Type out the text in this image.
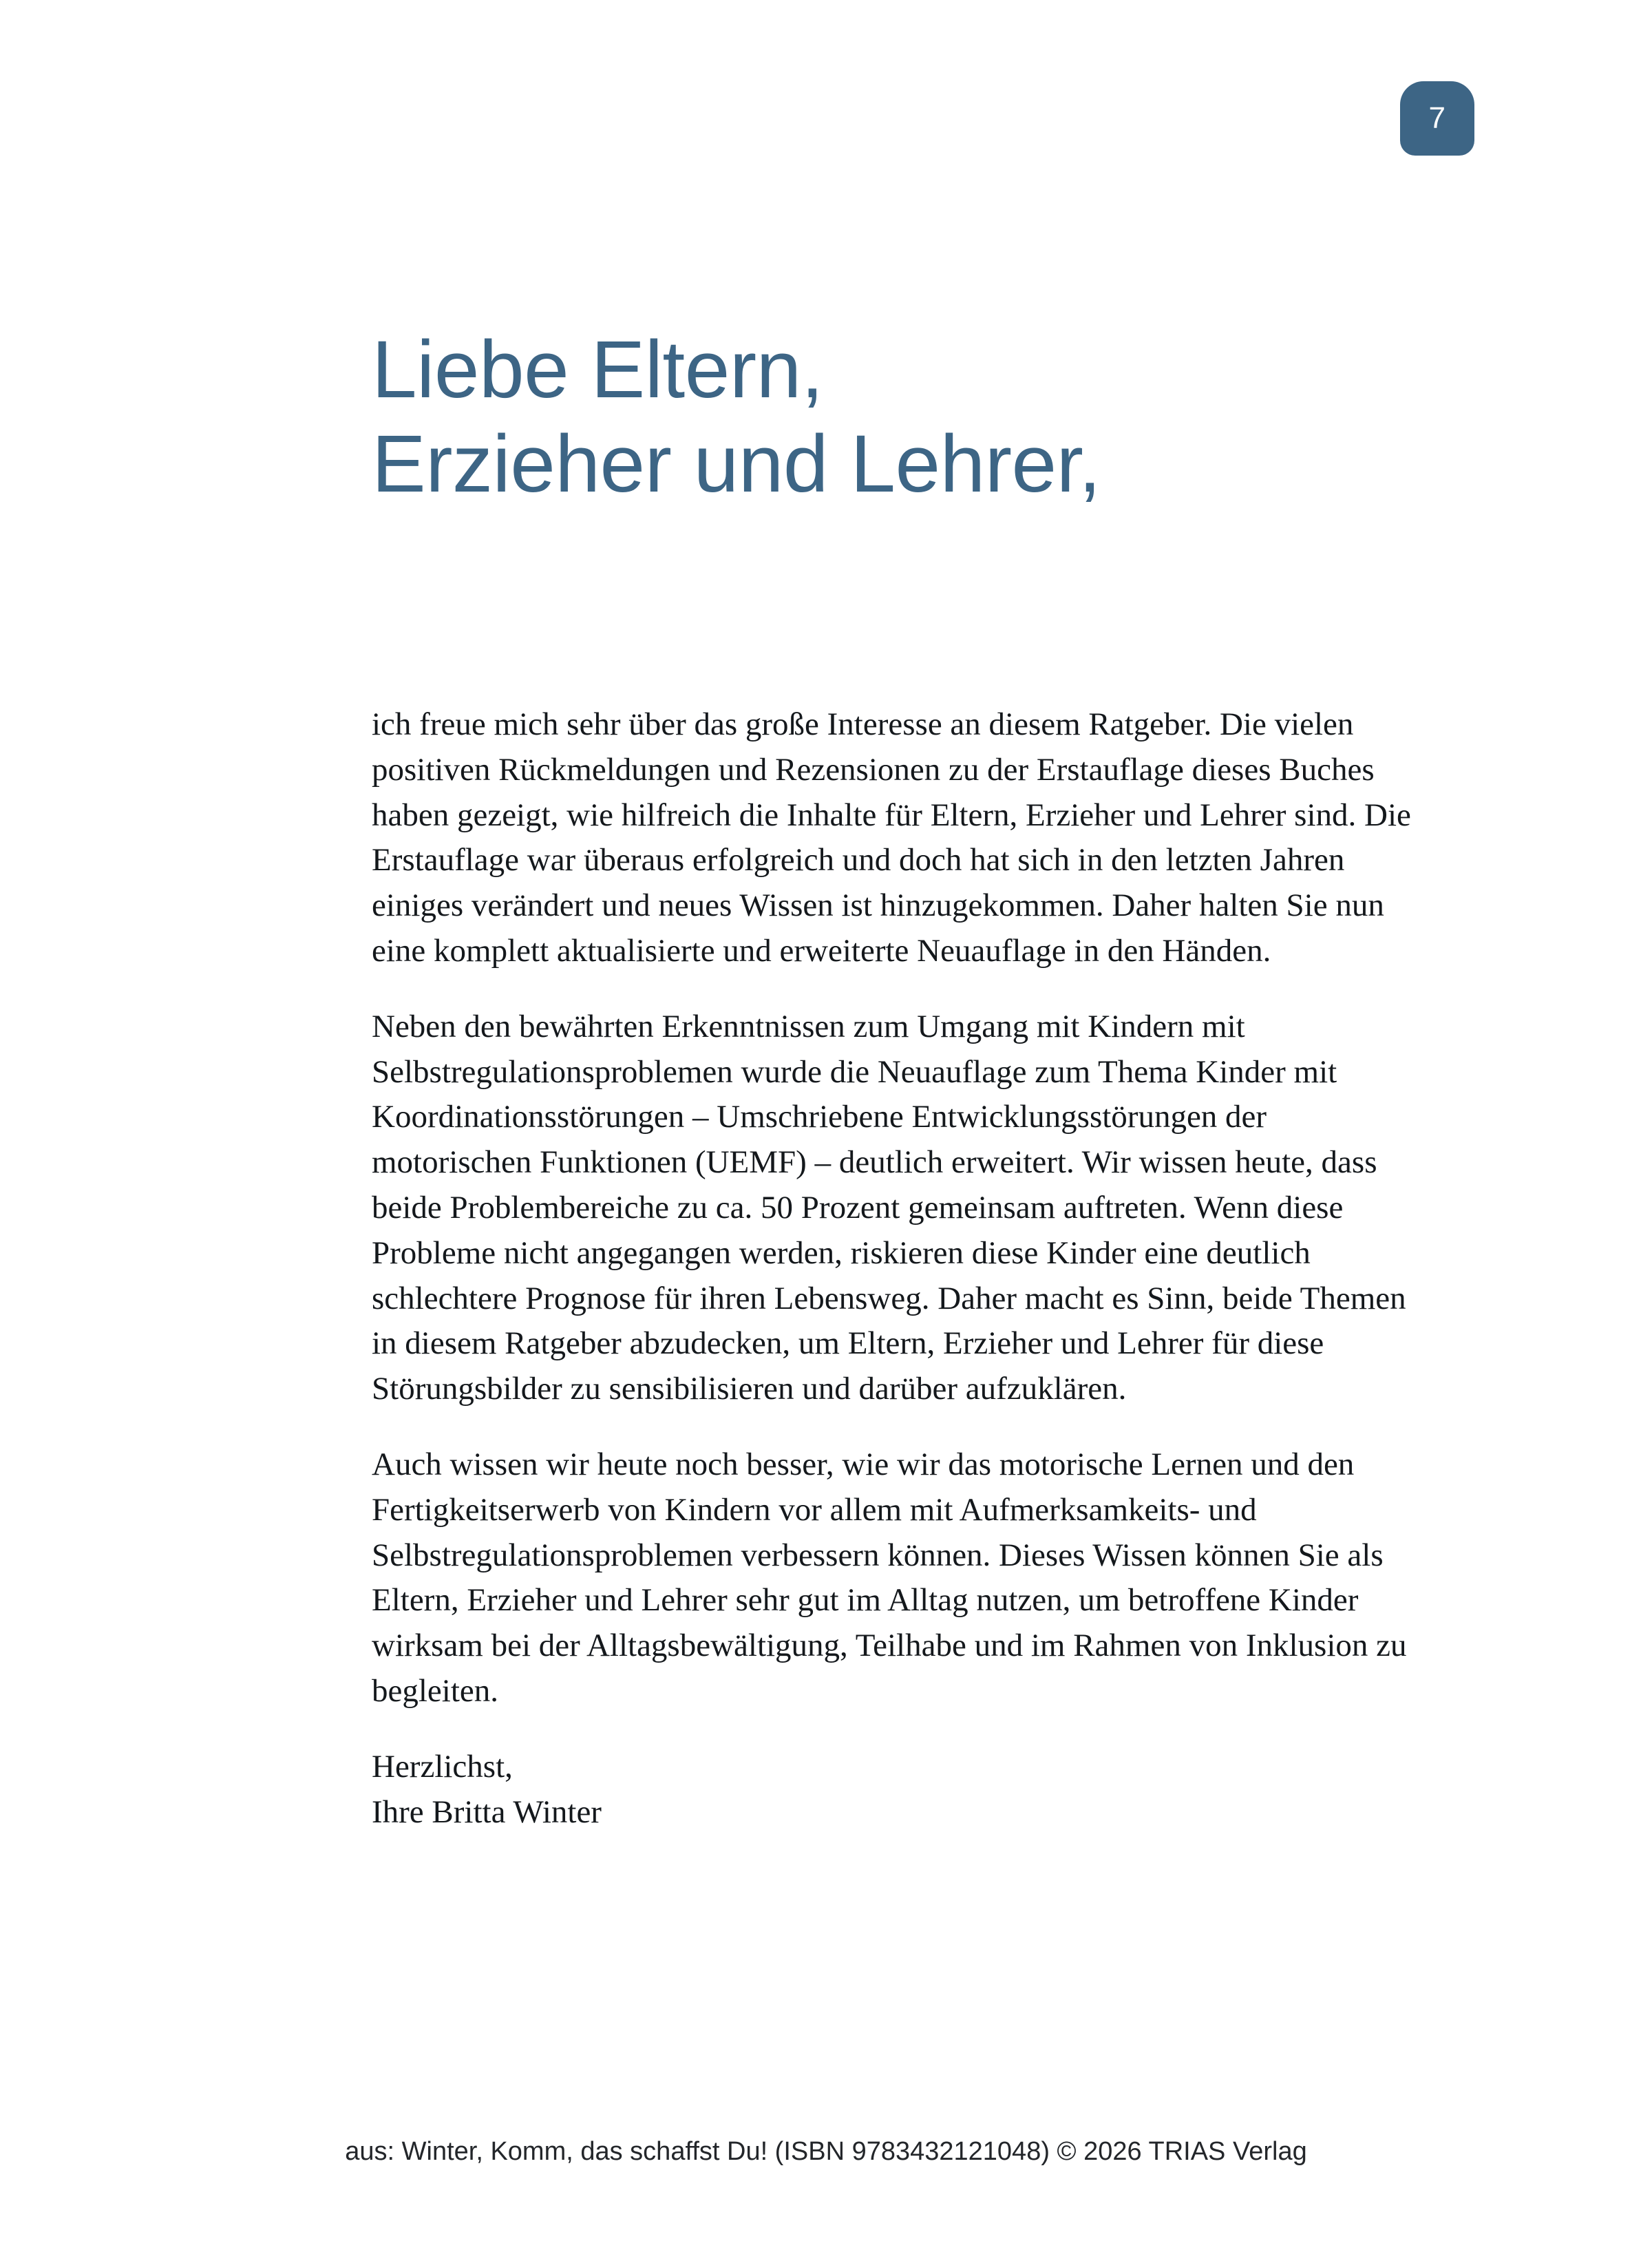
7
Liebe Eltern,
Erzieher und Lehrer,

ich freue mich sehr über das große Interesse an diesem Ratgeber. Die vielen positiven Rückmeldungen und Rezensionen zu der Erstauflage dieses Buches haben gezeigt, wie hilfreich die Inhalte für Eltern, Erzieher und Lehrer sind. Die Erstauflage war überaus erfolgreich und doch hat sich in den letzten Jahren einiges verändert und neues Wissen ist hinzugekommen. Daher halten Sie nun eine komplett aktualisierte und erweiterte Neuauflage in den Händen.

Neben den bewährten Erkenntnissen zum Umgang mit Kindern mit Selbstregulationsproblemen wurde die Neuauflage zum Thema Kinder mit Koordinationsstörungen – Umschriebene Entwicklungsstörungen der motorischen Funktionen (UEMF) – deutlich erweitert. Wir wissen heute, dass beide Problembereiche zu ca. 50 Prozent gemeinsam auftreten. Wenn diese Probleme nicht angegangen werden, riskieren diese Kinder eine deutlich schlechtere Prognose für ihren Lebensweg. Daher macht es Sinn, beide Themen in diesem Ratgeber abzudecken, um Eltern, Erzieher und Lehrer für diese Störungsbilder zu sensibilisieren und darüber aufzuklären.

Auch wissen wir heute noch besser, wie wir das motorische Lernen und den Fertigkeitserwerb von Kindern vor allem mit Aufmerksamkeits- und Selbstregulationsproblemen verbessern können. Dieses Wissen können Sie als Eltern, Erzieher und Lehrer sehr gut im Alltag nutzen, um betroffene Kinder wirksam bei der Alltagsbewältigung, Teilhabe und im Rahmen von Inklusion zu begleiten.

Herzlichst,
Ihre Britta Winter

aus: Winter, Komm, das schaffst Du! (ISBN 9783432121048) © 2026 TRIAS Verlag
